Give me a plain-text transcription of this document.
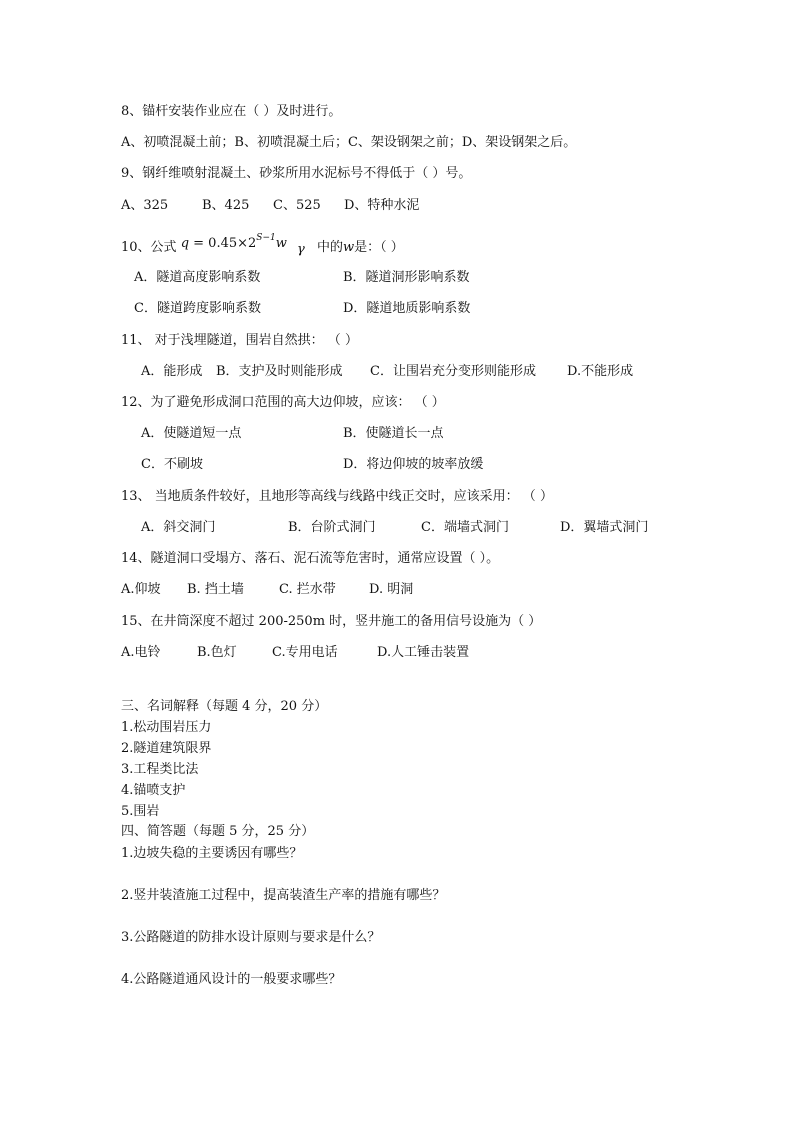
8、锚杆安装作业应在（ ）及时进行。
A、初喷混凝土前；B、初喷混凝土后；C、架设钢架之前；D、架设钢架之后。
9、钢纤维喷射混凝土、砂浆所用水泥标号不得低于（ ）号。
A、325	B、425 C、525 D、特种水泥
10、公式 $q = 0.45\times 2^{S-1}w$ γ 中的w是：（ ）
A．隧道高度影响系数	B．隧道洞形影响系数
C．隧道跨度影响系数	D．隧道地质影响系数
11、 对于浅埋隧道，围岩自然拱： （ ）
A．能形成 B．支护及时则能形成 C．让围岩充分变形则能形成 D.不能形成
12、为了避免形成洞口范围的高大边仰坡，应该： （ ）
A．使隧道短一点	B．使隧道长一点
C．不刷坡	D．将边仰坡的坡率放缓
13、 当地质条件较好，且地形等高线与线路中线正交时，应该采用： （ ）
A．斜交洞门	B．台阶式洞门	C．端墙式洞门	D．翼墙式洞门
14、隧道洞口受塌方、落石、泥石流等危害时，通常应设置（ ）。
A.仰坡 B. 挡土墙	C. 拦水带	D. 明洞
15、在井筒深度不超过 200-250m 时，竖井施工的备用信号设施为（ ）
A.电铃	B.色灯	C.专用电话	D.人工锤击装置
三、名词解释（每题 4 分，20 分）
1.松动围岩压力
2.隧道建筑限界
3.工程类比法
4.锚喷支护
5.围岩
四、简答题（每题 5 分，25 分）
1.边坡失稳的主要诱因有哪些？
2.竖井装渣施工过程中，提高装渣生产率的措施有哪些？
3.公路隧道的防排水设计原则与要求是什么？
4.公路隧道通风设计的一般要求哪些？
